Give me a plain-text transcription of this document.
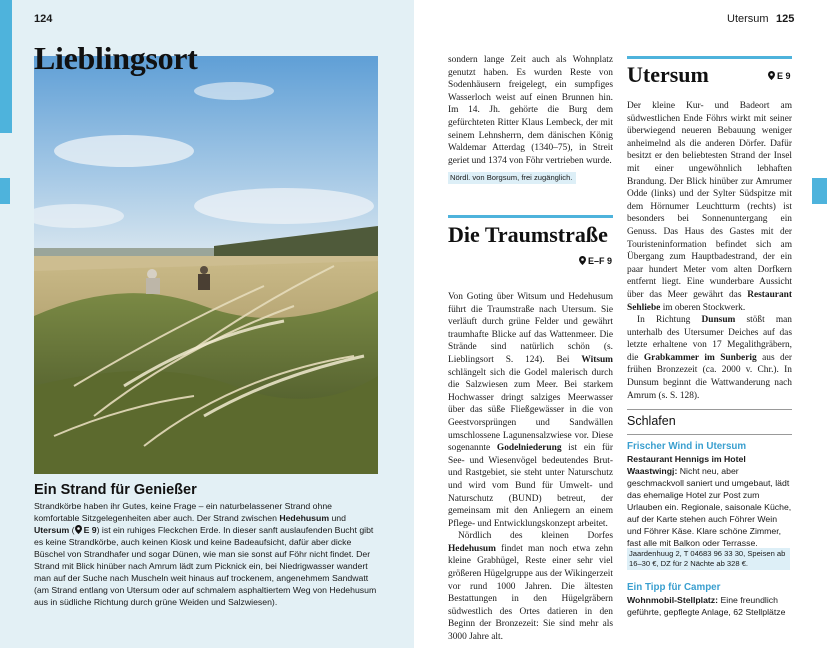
124
Lieblingsort
Ein Strand für Genießer
Strandkörbe haben ihr Gutes, keine Frage – ein naturbelassener Strand ohne komfortable Sitzgelegenheiten aber auch. Der Strand zwischen Hedehusum und Utersum ( E 9) ist ein ruhiges Fleckchen Erde. In dieser sanft auslaufenden Bucht gibt es keine Strandkörbe, auch keinen Kiosk und keine Badeaufsicht, dafür aber dicke Büschel von Strandhafer und sogar Dünen, wie man sie sonst auf Föhr nicht findet. Der Strand mit Blick hinüber nach Amrum lädt zum Picknick ein, bei Niedrigwasser wandert man auf der Suche nach Muscheln weit hinaus auf trockenem, angenehmem Sandwatt (am Strand entlang von Utersum oder auf schmalem asphaltiertem Weg von Hedehusum aus in südliche Richtung durch grüne Weiden und Salzwiesen).
Utersum 125
sondern lange Zeit auch als Wohnplatz genutzt haben. Es wurden Reste von Sodenhäusern freigelegt, ein sumpfiges Wasserloch weist auf einen Brunnen hin. Im 14. Jh. gehörte die Burg dem gefürchteten Ritter Klaus Lembeck, der mit seinem Lehnsherrn, dem dänischen König Waldemar Atterdag (1340–75), in Streit geriet und 1374 von Föhr vertrieben wurde.
Nördl. von Borgsum, frei zugänglich.
Die Traumstraße
E–F 9
Von Goting über Witsum und Hedehusum führt die Traumstraße nach Utersum. Sie verläuft durch grüne Felder und gewährt traumhafte Blicke auf das Wattenmeer. Die Strände sind natürlich schön (s. Lieblingsort S. 124). Bei Witsum schlängelt sich die Godel malerisch durch die Salzwiesen zum Meer. Bei starkem Hochwasser dringt salziges Meerwasser über das süße Fließgewässer in die von Geestvorsprüngen und Sandwällen umschlossene Lagunensalzwiese vor. Diese sogenannte Godelniederung ist ein für See- und Wiesenvögel bedeutendes Brut- und Rastgebiet, sie steht unter Naturschutz und wird vom Bund für Umwelt- und Naturschutz (BUND) betreut, der gemeinsam mit den Anliegern an einem Pflege- und Entwicklungskonzept arbeitet.
Nördlich des kleinen Dorfes Hedehusum findet man noch etwa zehn kleine Grabhügel, Reste einer sehr viel größeren Hügelgruppe aus der Wikingerzeit vor rund 1000 Jahren. Die ältesten Bestattungen in den Hügelgräbern südwestlich des Ortes datieren in den Beginn der Bronzezeit: Sie sind mehr als 3000 Jahre alt.
Utersum	E 9
Der kleine Kur- und Badeort am südwestlichen Ende Föhrs wirkt mit seiner überwiegend neueren Bebauung weniger anheimelnd als die anderen Dörfer. Dafür besitzt er den beliebtesten Strand der Insel mit einer ungewöhnlich lebhaften Brandung. Der Blick hinüber zur Amrumer Odde (links) und der Sylter Südspitze mit dem Hörnumer Leuchtturm (rechts) ist besonders bei Sonnenuntergang ein Genuss. Das Haus des Gastes mit der Touristeninformation befindet sich am Übergang zum Hauptbadestrand, der ein paar hundert Meter vom alten Dorfkern entfernt liegt. Eine wunderbare Aussicht über das Meer gewährt das Restaurant Sehliebe im oberen Stockwerk.
In Richtung Dunsum stößt man unterhalb des Utersumer Deiches auf das letzte erhaltene von 17 Megalithgräbern, die Grabkammer im Sunberig aus der frühen Bronzezeit (ca. 2000 v. Chr.). In Dunsum beginnt die Wattwanderung nach Amrum (s. S. 128).
Schlafen
Frischer Wind in Utersum
Restaurant Hennigs im Hotel Waastwingj: Nicht neu, aber geschmackvoll saniert und umgebaut, lädt das ehemalige Hotel zur Post zum Urlauben ein. Regionale, saisonale Küche, auf der Karte stehen auch Föhrer Wein und Föhrer Käse. Klare schöne Zimmer, fast alle mit Balkon oder Terrasse.
Jaardenhuug 2, T 04683 96 33 30, Speisen ab 16–30 €, DZ für 2 Nächte ab 328 €.
Ein Tipp für Camper
Wohnmobil-Stellplatz: Eine freundlich geführte, gepflegte Anlage, 62 Stellplätze
